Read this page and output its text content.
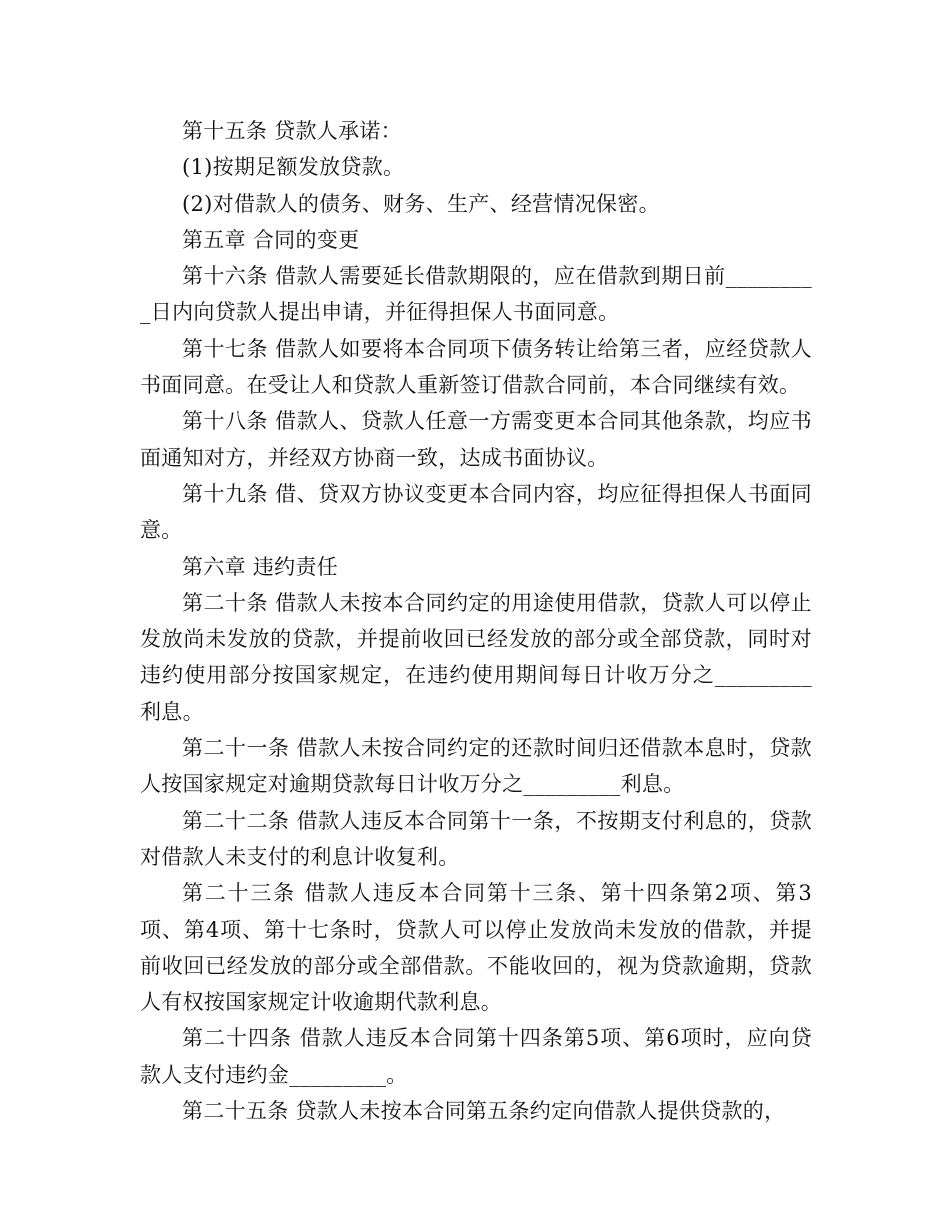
第十五条 贷款人承诺：

(1)按期足额发放贷款。

(2)对借款人的债务、财务、生产、经营情况保密。

第五章 合同的变更

第十六条 借款人需要延长借款期限的，应在借款到期日前_________日内向贷款人提出申请，并征得担保人书面同意。

第十七条 借款人如要将本合同项下债务转让给第三者，应经贷款人书面同意。在受让人和贷款人重新签订借款合同前，本合同继续有效。

第十八条 借款人、贷款人任意一方需变更本合同其他条款，均应书面通知对方，并经双方协商一致，达成书面协议。

第十九条 借、贷双方协议变更本合同内容，均应征得担保人书面同意。

第六章 违约责任

第二十条 借款人未按本合同约定的用途使用借款，贷款人可以停止发放尚未发放的贷款，并提前收回已经发放的部分或全部贷款，同时对违约使用部分按国家规定，在违约使用期间每日计收万分之_________利息。

第二十一条 借款人未按合同约定的还款时间归还借款本息时，贷款人按国家规定对逾期贷款每日计收万分之_________利息。

第二十二条 借款人违反本合同第十一条，不按期支付利息的，贷款对借款人未支付的利息计收复利。

第二十三条 借款人违反本合同第十三条、第十四条第2项、第3项、第4项、第十七条时，贷款人可以停止发放尚未发放的借款，并提前收回已经发放的部分或全部借款。不能收回的，视为贷款逾期，贷款人有权按国家规定计收逾期代款利息。

第二十四条 借款人违反本合同第十四条第5项、第6项时，应向贷款人支付违约金_________。

第二十五条 贷款人未按本合同第五条约定向借款人提供贷款的，
